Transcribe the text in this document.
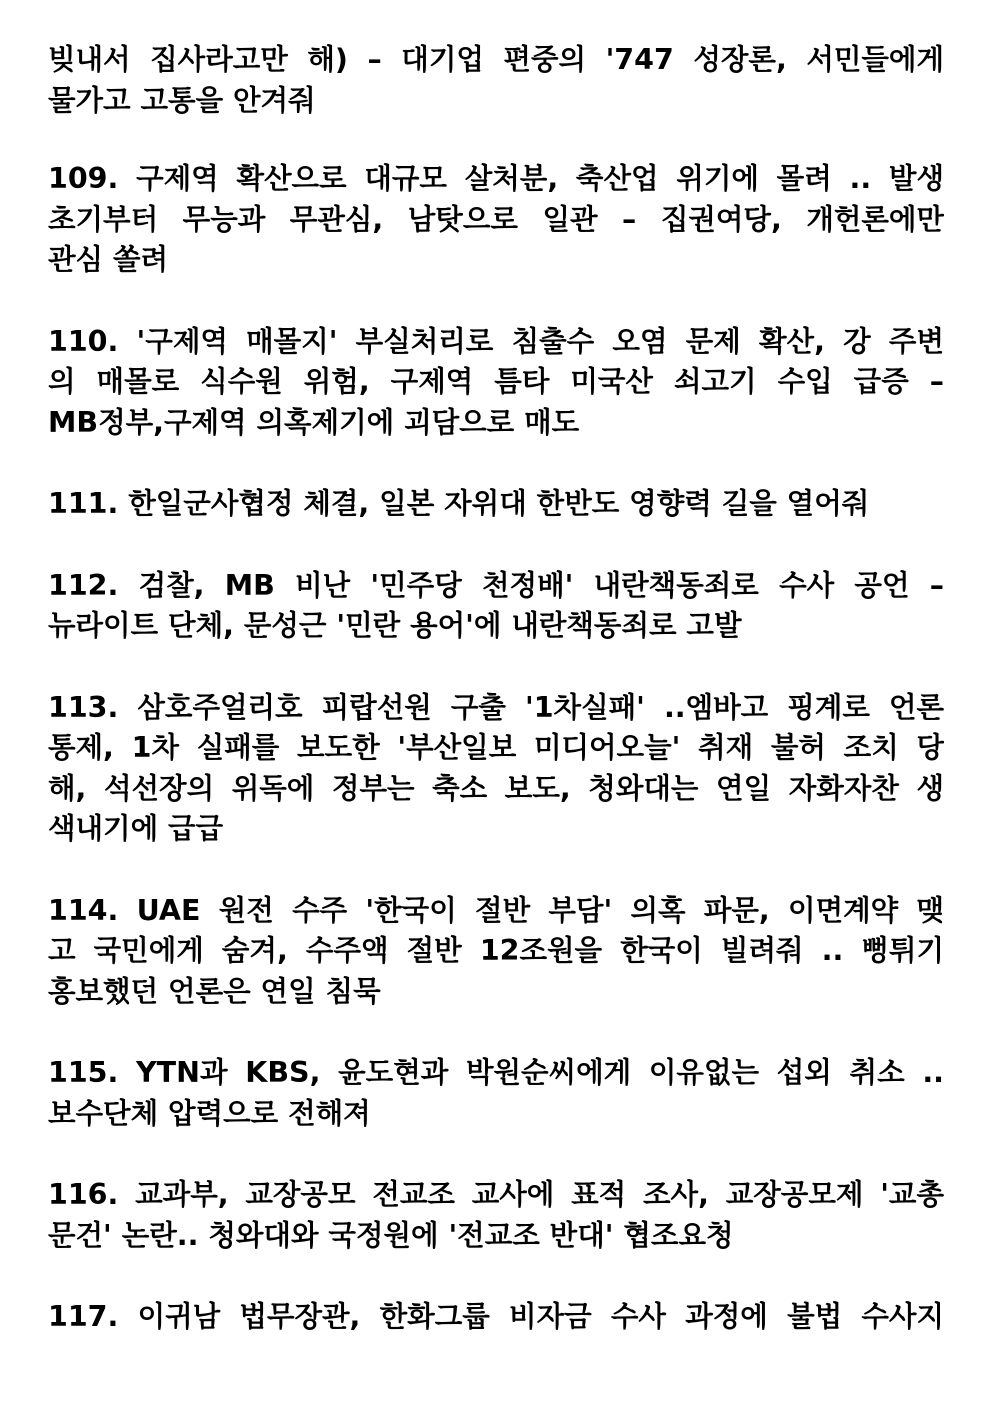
빚내서 집사라고만 해) – 대기업 편중의 '747 성장론, 서민들에게
물가고 고통을 안겨줘
109. 구제역 확산으로 대규모 살처분, 축산업 위기에 몰려 .. 발생
초기부터 무능과 무관심, 남탓으로 일관 – 집권여당, 개헌론에만
관심 쏠려
110. '구제역 매몰지' 부실처리로 침출수 오염 문제 확산, 강 주변
의 매몰로 식수원 위험, 구제역 틈타 미국산 쇠고기 수입 급증 –
MB정부,구제역 의혹제기에 괴담으로 매도
111. 한일군사협정 체결, 일본 자위대 한반도 영향력 길을 열어줘
112. 검찰, MB 비난 '민주당 천정배' 내란책동죄로 수사 공언 –
뉴라이트 단체, 문성근 '민란 용어'에 내란책동죄로 고발
113. 삼호주얼리호 피랍선원 구출 '1차실패' ..엠바고 핑계로 언론
통제, 1차 실패를 보도한 '부산일보 미디어오늘' 취재 불허 조치 당
해, 석선장의 위독에 정부는 축소 보도, 청와대는 연일 자화자찬 생
색내기에 급급
114. UAE 원전 수주 '한국이 절반 부담' 의혹 파문, 이면계약 맺
고 국민에게 숨겨, 수주액 절반 12조원을 한국이 빌려줘 .. 뻥튀기
홍보했던 언론은 연일 침묵
115. YTN과 KBS, 윤도현과 박원순씨에게 이유없는 섭외 취소 ..
보수단체 압력으로 전해져
116. 교과부, 교장공모 전교조 교사에 표적 조사, 교장공모제 '교총
문건' 논란.. 청와대와 국정원에 '전교조 반대' 협조요청
117. 이귀남 법무장관, 한화그룹 비자금 수사 과정에 불법 수사지
